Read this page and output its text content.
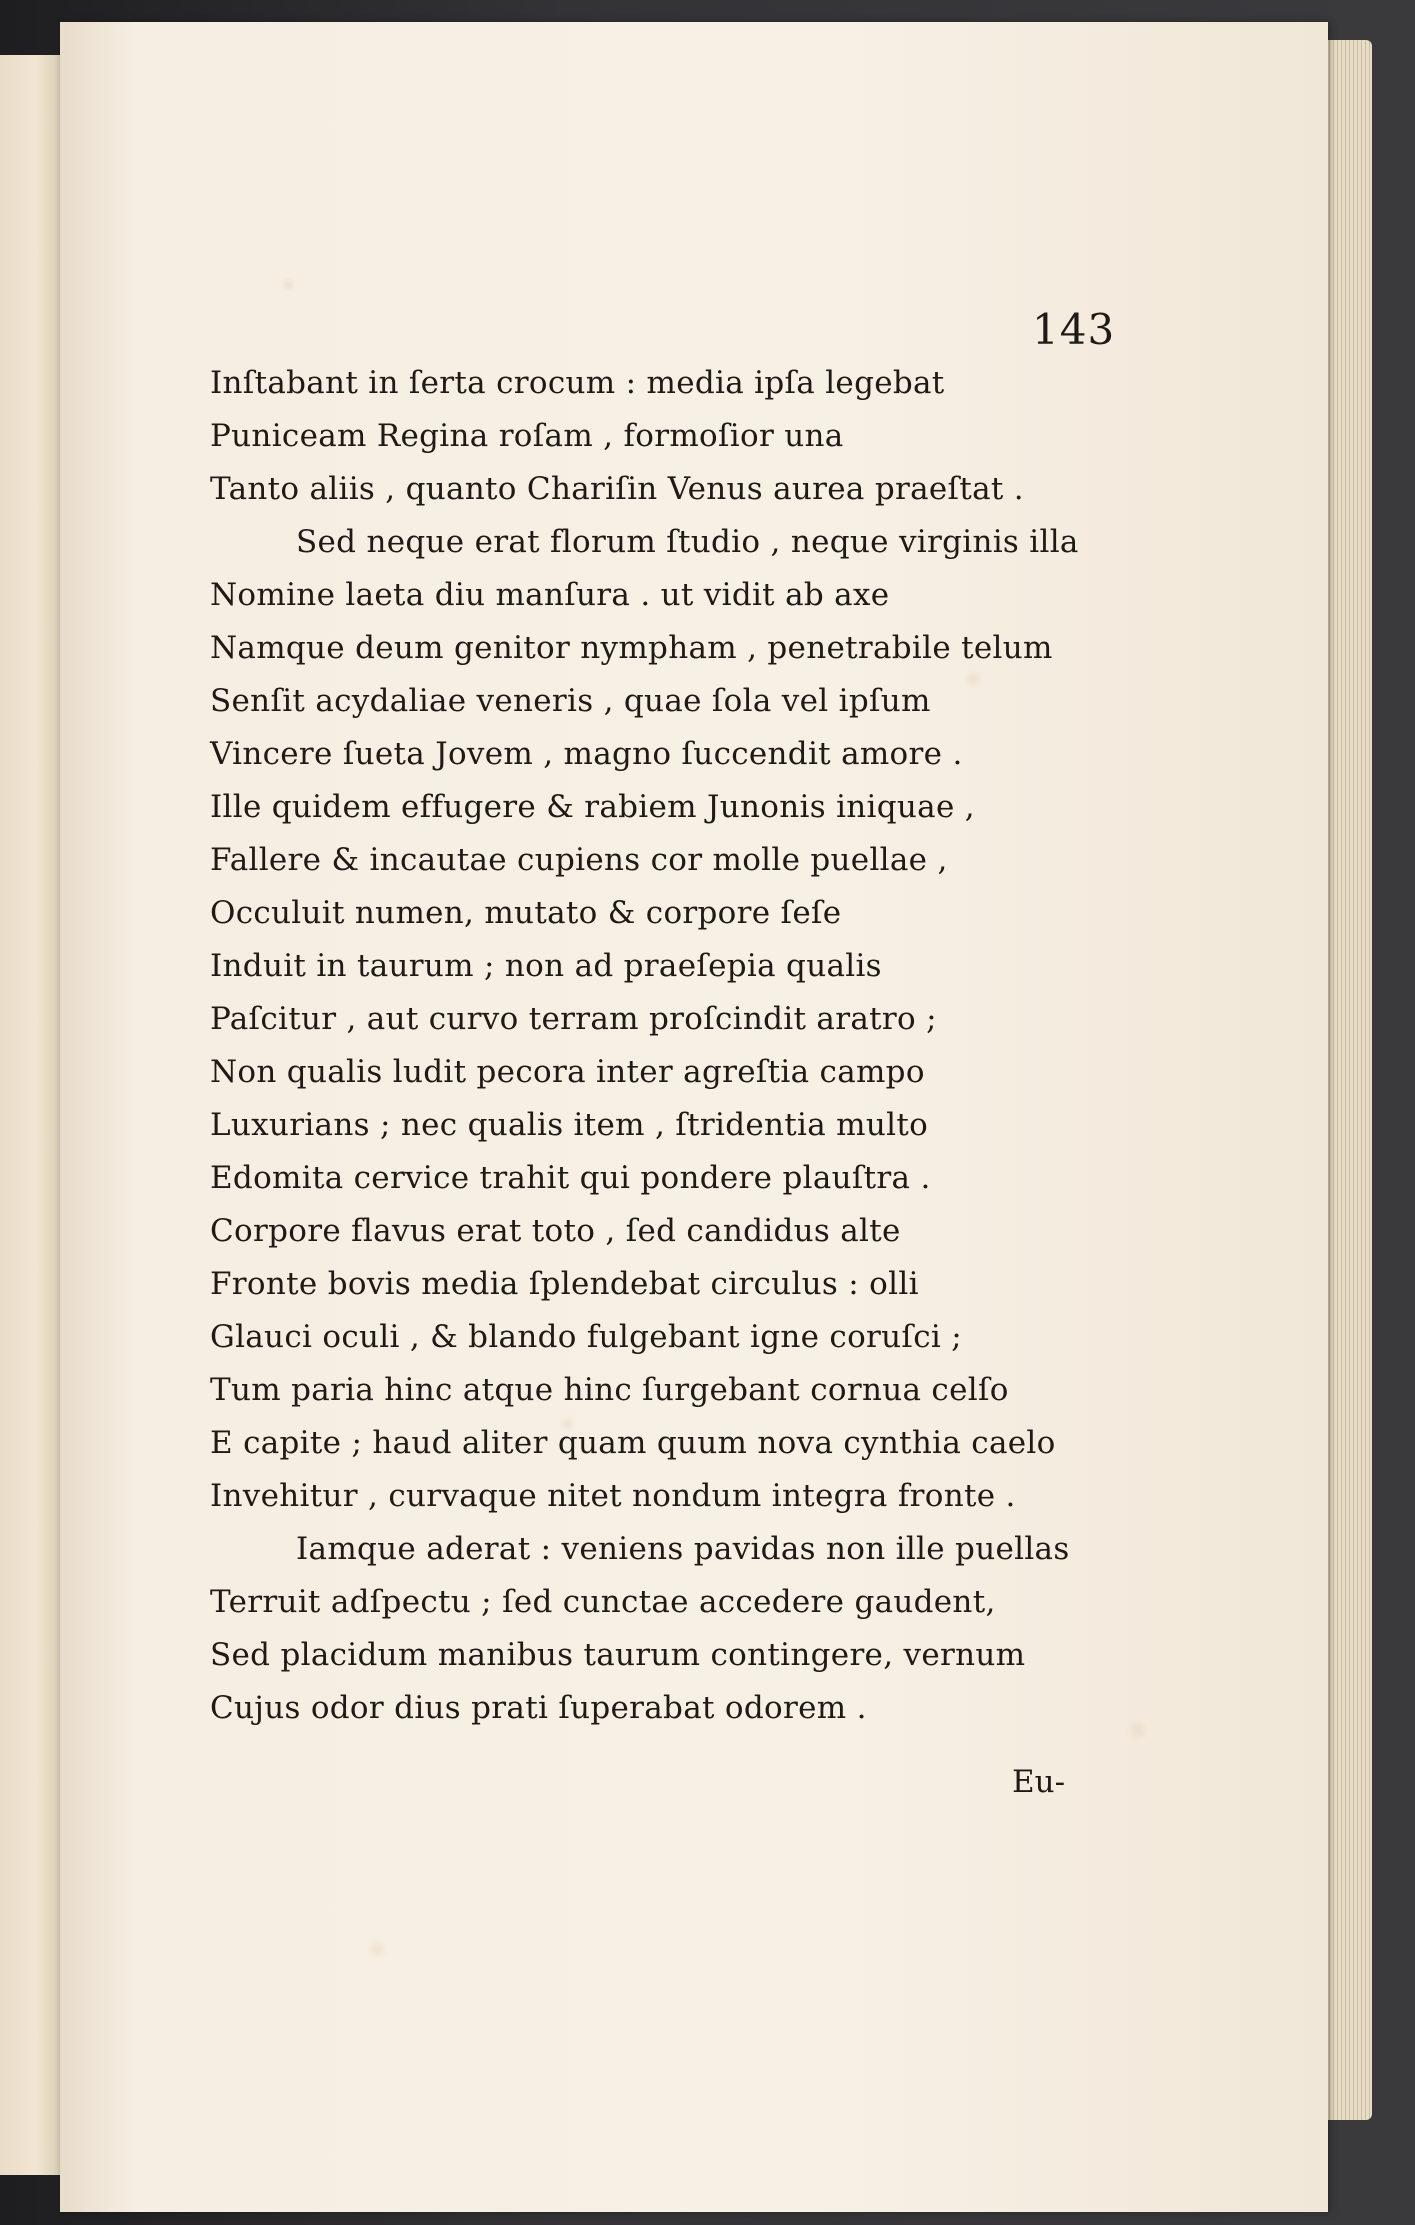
143
Inſtabant in ſerta crocum : media ipſa legebat
Puniceam Regina roſam , formoſior una
Tanto aliis , quanto Chariſin Venus aurea praeſtat .
Sed neque erat florum ſtudio , neque virginis illa
Nomine laeta diu manſura . ut vidit ab axe
Namque deum genitor nympham , penetrabile telum
Senſit acydaliae veneris , quae ſola vel ipſum
Vincere ſueta Jovem , magno ſuccendit amore .
Ille quidem effugere & rabiem Junonis iniquae ,
Fallere & incautae cupiens cor molle puellae ,
Occuluit numen, mutato & corpore ſeſe
Induit in taurum ; non ad praeſepia qualis
Paſcitur , aut curvo terram proſcindit aratro ;
Non qualis ludit pecora inter agreſtia campo
Luxurians ; nec qualis item , ſtridentia multo
Edomita cervice trahit qui pondere plauſtra .
Corpore flavus erat toto , ſed candidus alte
Fronte bovis media ſplendebat circulus : olli
Glauci oculi , & blando fulgebant igne coruſci ;
Tum paria hinc atque hinc ſurgebant cornua celſo
E capite ; haud aliter quam quum nova cynthia caelo
Invehitur , curvaque nitet nondum integra fronte .
Iamque aderat : veniens pavidas non ille puellas
Terruit adſpectu ; ſed cunctae accedere gaudent,
Sed placidum manibus taurum contingere, vernum
Cujus odor dius prati ſuperabat odorem .
Eu-
